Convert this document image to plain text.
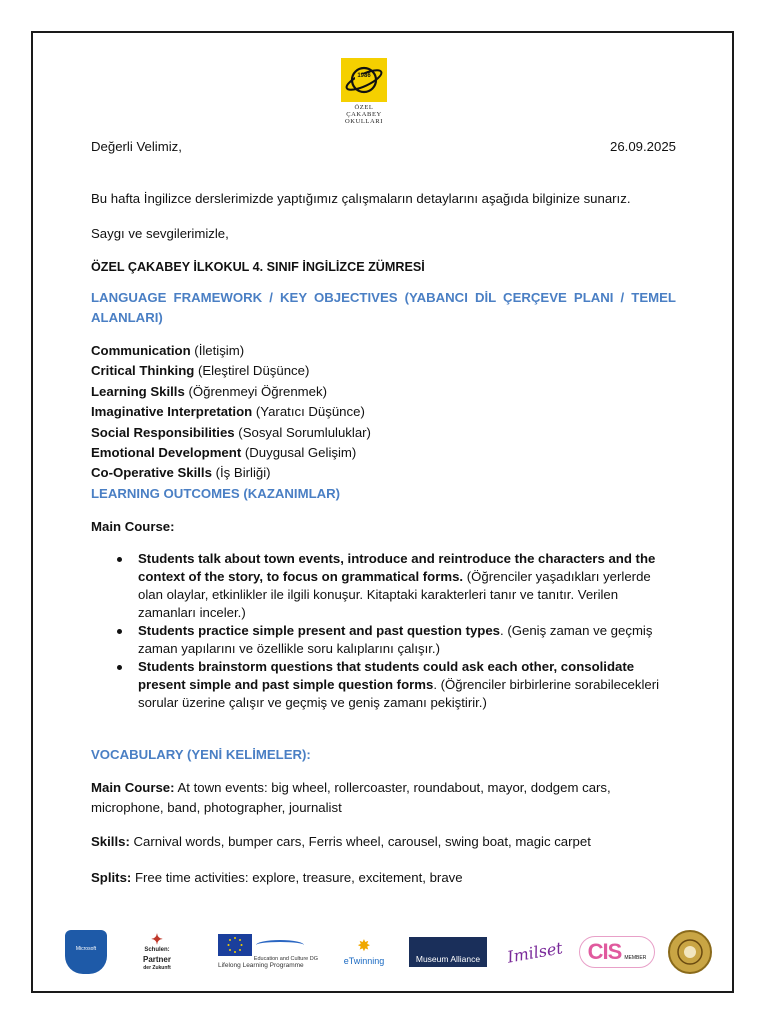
1986
ÖZEL
ÇAKABEY
OKULLARI
Değerli Velimiz,	26.09.2025
Bu hafta İngilizce derslerimizde yaptığımız çalışmaların detaylarını aşağıda bilginize sunarız.
Saygı ve sevgilerimizle,
ÖZEL ÇAKABEY İLKOKUL 4. SINIF İNGİLİZCE ZÜMRESİ
LANGUAGE FRAMEWORK / KEY OBJECTIVES (YABANCI DİL ÇERÇEVE PLANI / TEMEL ALANLARI)
Communication (İletişim)
Critical Thinking (Eleştirel Düşünce)
Learning Skills (Öğrenmeyi Öğrenmek)
Imaginative Interpretation (Yaratıcı Düşünce)
Social Responsibilities (Sosyal Sorumluluklar)
Emotional Development (Duygusal Gelişim)
Co-Operative Skills (İş Birliği)
LEARNING OUTCOMES (KAZANIMLAR)
Main Course:

Students talk about town events, introduce and reintroduce the characters and the context of the story, to focus on grammatical forms. (Öğrenciler yaşadıkları yerlerde olan olaylar, etkinlikler ile ilgili konuşur. Kitaptaki karakterleri tanır ve tanıtır. Verilen zamanları inceler.)

Students practice simple present and past question types. (Geniş zaman ve geçmiş zaman yapılarını ve özellikle soru kalıplarını çalışır.)

Students brainstorm questions that students could ask each other, consolidate present simple and past simple question forms. (Öğrenciler birbirlerine sorabilecekleri sorular üzerine çalışır ve geçmiş ve geniş zamanı pekiştirir.)

VOCABULARY (YENİ KELİMELER):
Main Course: At town events: big wheel, rollercoaster, roundabout, mayor, dodgem cars, microphone, band, photographer, journalist
Skills: Carnival words, bumper cars, Ferris wheel, carousel, swing boat, magic carpet
Splits: Free time activities: explore, treasure, excitement, brave
Microsoft
✦
Schulen:
Partner
der Zukunft
Education and Culture DG
Lifelong Learning Programme
✸
eTwinning	Museum Alliance Imilset	CIS MEMBER
